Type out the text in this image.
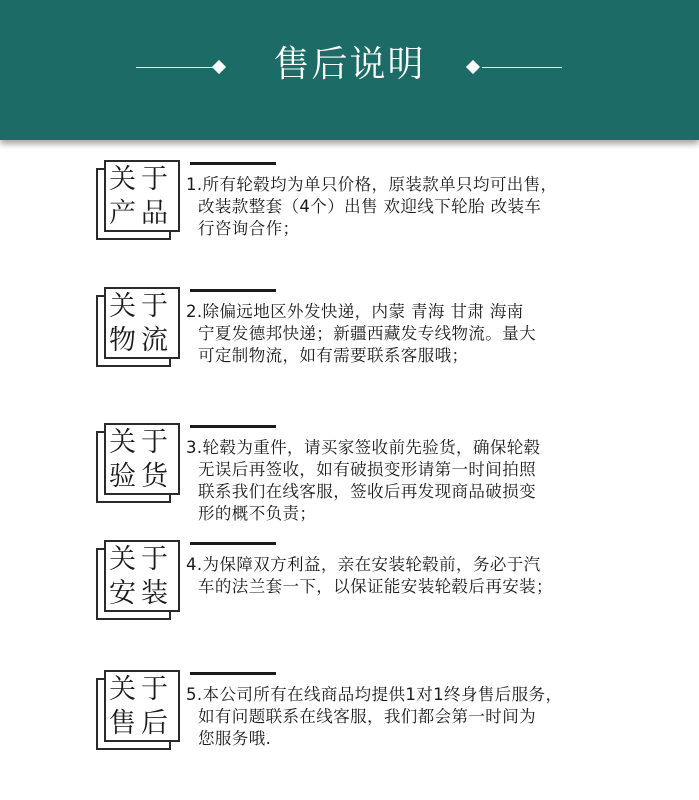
售后说明
关于
产品

1.所有轮毂均为单只价格，原装款单只均可出售，

改装款整套（4个）出售 欢迎线下轮胎 改装车

行咨询合作；

关于
物流

2.除偏远地区外发快递，内蒙 青海 甘肃 海南

宁夏发德邦快递；新疆西藏发专线物流。量大

可定制物流，如有需要联系客服哦；

关于
验货

3.轮毂为重件，请买家签收前先验货，确保轮毂

无误后再签收，如有破损变形请第一时间拍照

联系我们在线客服，签收后再发现商品破损变

形的概不负责；

关于
安装

4.为保障双方利益，亲在安装轮毂前，务必于汽

车的法兰套一下，以保证能安装轮毂后再安装；

关于
售后

5.本公司所有在线商品均提供1对1终身售后服务，

如有问题联系在线客服，我们都会第一时间为

您服务哦.
